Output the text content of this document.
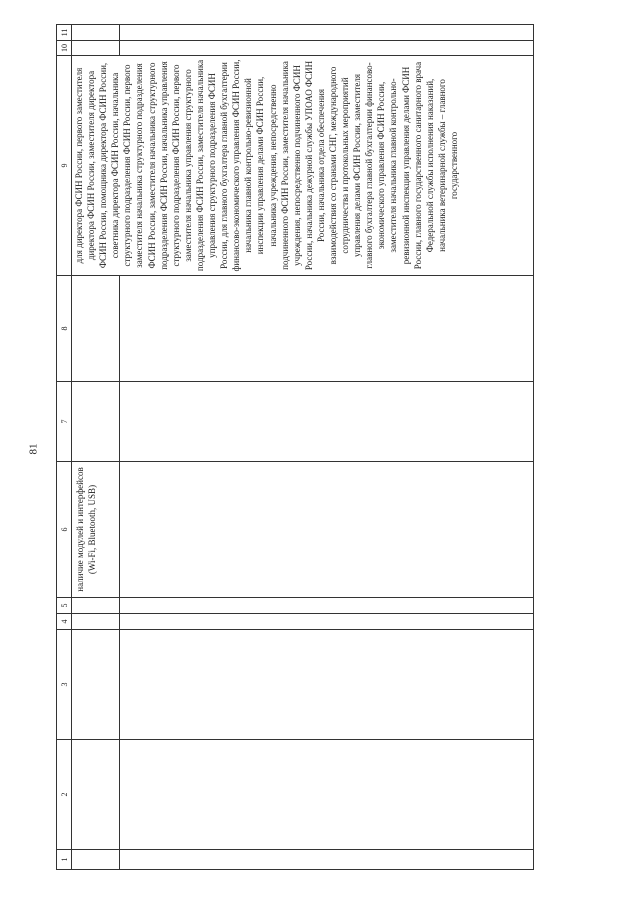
81
1	2	3	4	5	6	7	8	9	10	11
					наличие модулей и интерфейсов (Wi-Fi, Bluetooth, USB)			для директора ФСИН России, первого заместителя директора ФСИН России, заместителя директора ФСИН России, помощника директора ФСИН России, советника директора ФСИН России, начальника структурного подразделения ФСИН России, первого заместителя начальника структурного подразделения ФСИН России, заместителя начальника структурного подразделения ФСИН России, начальника управления структурного подразделения ФСИН России, первого заместителя начальника управления структурного подразделения ФСИН России, заместителя начальника управления структурного подразделения ФСИН России, для главного бухгалтера главной бухгалтерии финансово-экономического управления ФСИН России, начальника главной контрольно-ревизионной инспекции управления делами ФСИН России, начальника учреждения, непосредственно подчиненного ФСИН России, заместителя начальника учреждения, непосредственно подчиненного ФСИН России, начальника дежурной службы УПОАО ФСИН России, начальника отдела обеспечения взаимодействия со странами СНГ, международного сотрудничества и протокольных мероприятий управления делами ФСИН России, заместителя главного бухгалтера главной бухгалтерии финансово-экономического управления ФСИН России, заместителя начальника главной контрольно-ревизионной инспекции управления делами ФСИН России, главного государственного санитарного врача Федеральной службы исполнения наказаний, начальника ветеринарной службы – главного государственного		
